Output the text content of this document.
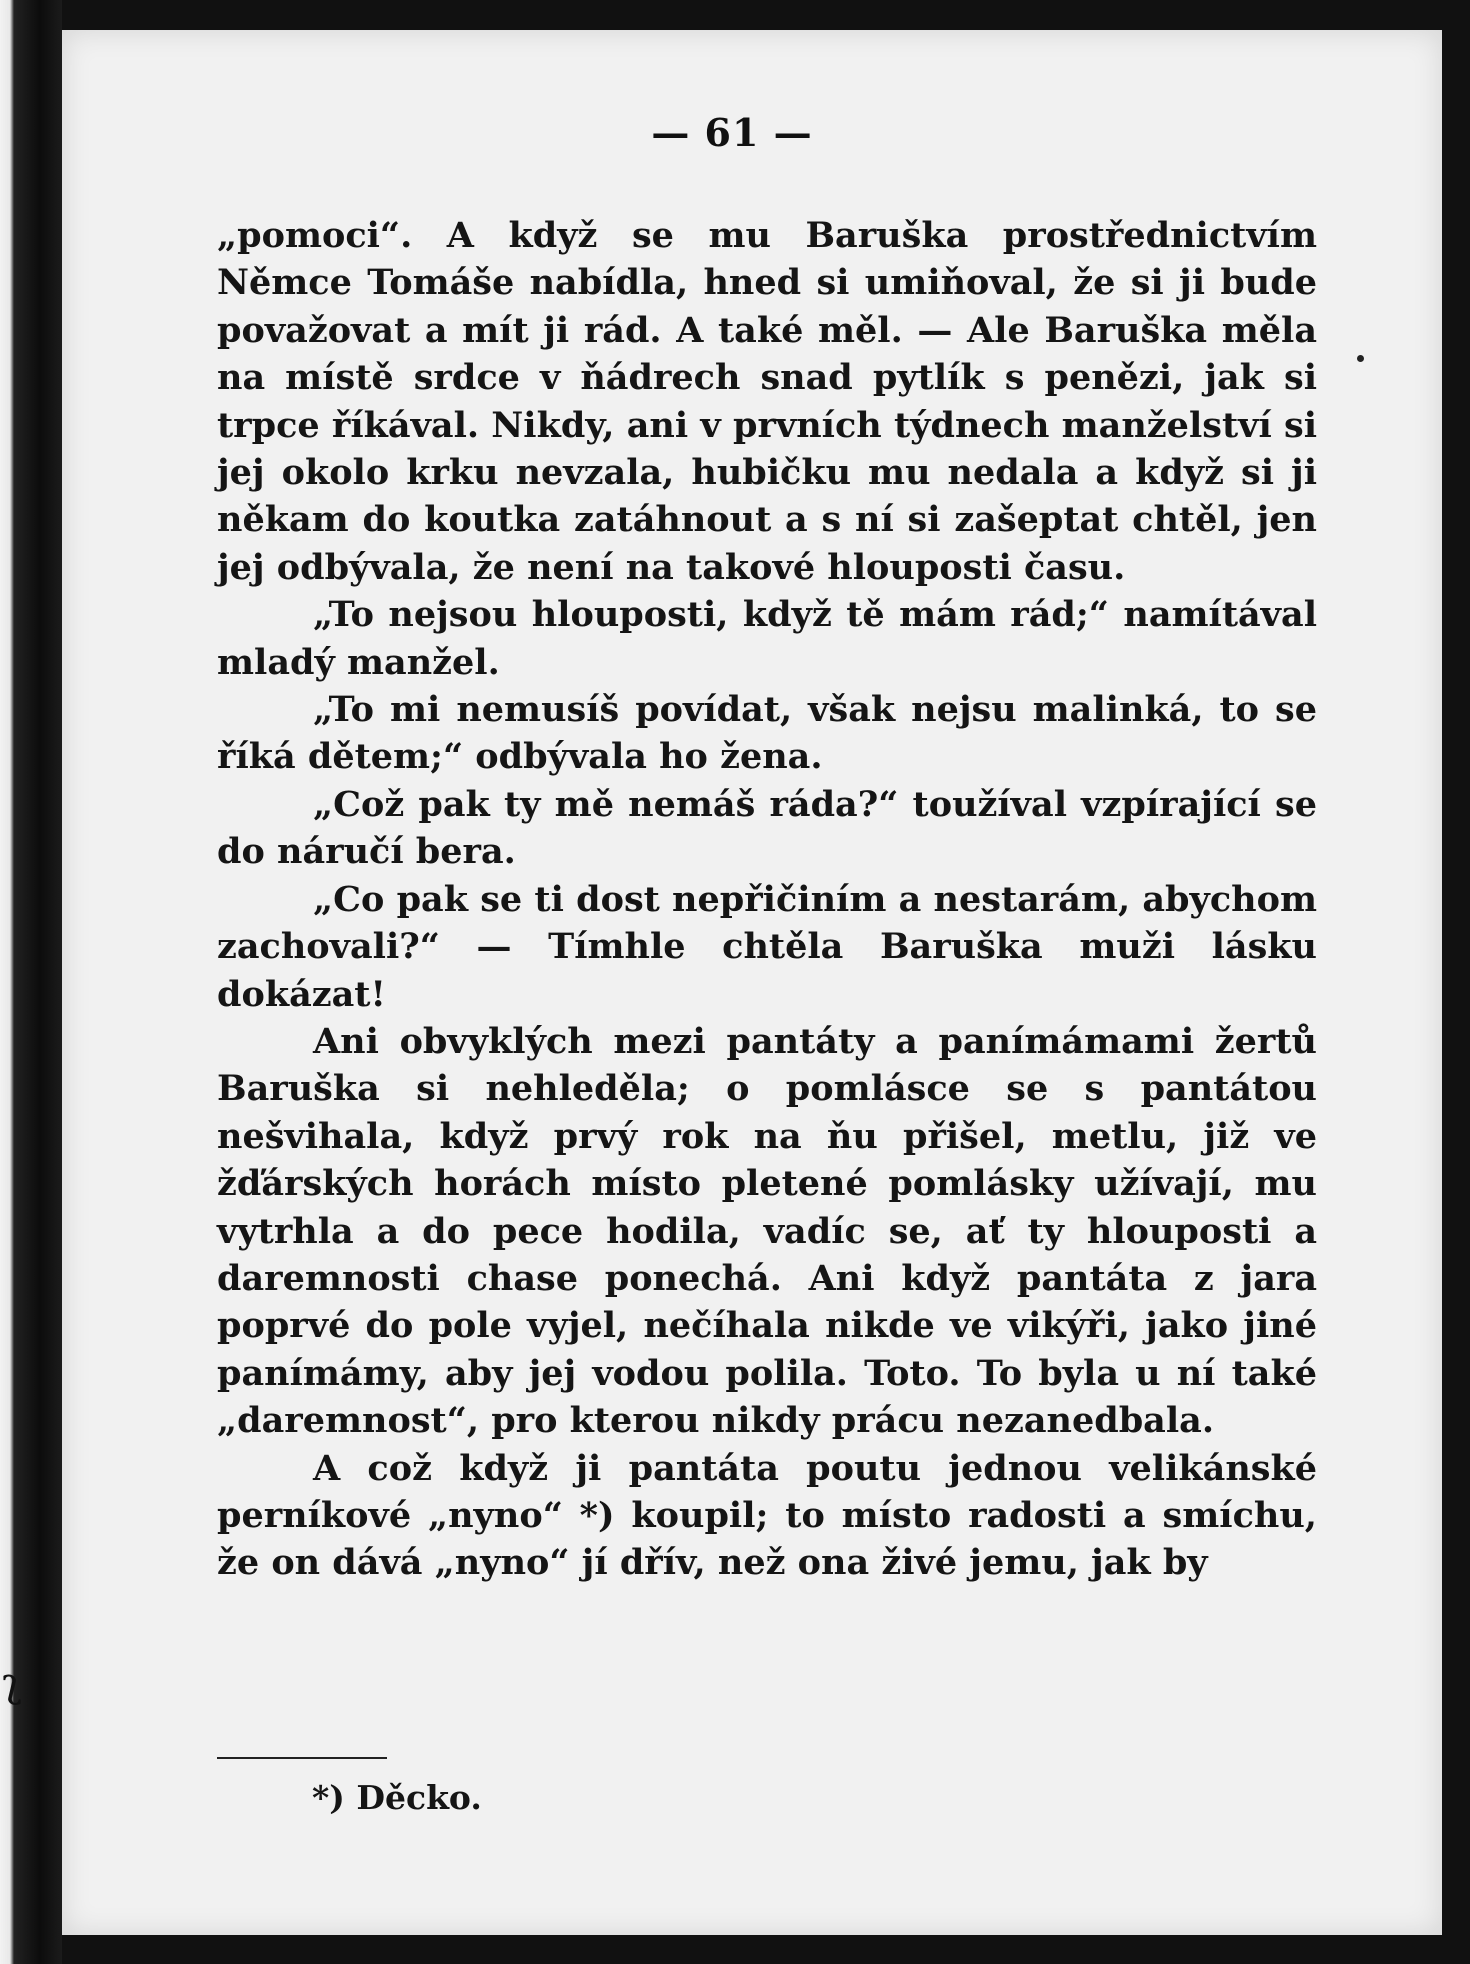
ʅ
— 61 —

„pomoci“. A když se mu Baruška prostřednictvím Němce Tomáše nabídla, hned si umiňoval, že si ji bude považovat a mít ji rád. A také měl. — Ale Baruška měla na místě srdce v ňádrech snad pytlík s penězi, jak si trpce říkával. Nikdy, ani v prvních týdnech manželství si jej okolo krku nevzala, hubičku mu nedala a když si ji někam do koutka zatáhnout a s ní si zašeptat chtěl, jen jej odbývala, že není na takové hlouposti času.

„To nejsou hlouposti, když tě mám rád;“ namítával mladý manžel.

„To mi nemusíš povídat, však nejsu malinká, to se říká dětem;“ odbývala ho žena.

„Což pak ty mě nemáš ráda?“ toužíval vzpírající se do náručí bera.

„Co pak se ti dost nepřičiním a nestarám, abychom zachovali?“ — Tímhle chtěla Baruška muži lásku dokázat!

Ani obvyklých mezi pantáty a panímámami žertů Baruška si nehleděla; o pomlásce se s pantátou nešvihala, když prvý rok na ňu přišel, metlu, již ve žďárských horách místo pletené pomlásky užívají, mu vytrhla a do pece hodila, vadíc se, ať ty hlouposti a daremnosti chase ponechá. Ani když pantáta z jara poprvé do pole vyjel, nečíhala nikde ve vikýři, jako jiné panímámy, aby jej vodou polila. Toto. To byla u ní také „daremnost“, pro kterou nikdy prácu nezanedbala.

A což když ji pantáta poutu jednou velikánské perníkové „nyno“ *) koupil; to místo radosti a smíchu, že on dává „nyno“ jí dřív, než ona živé jemu, jak by

*) Děcko.
